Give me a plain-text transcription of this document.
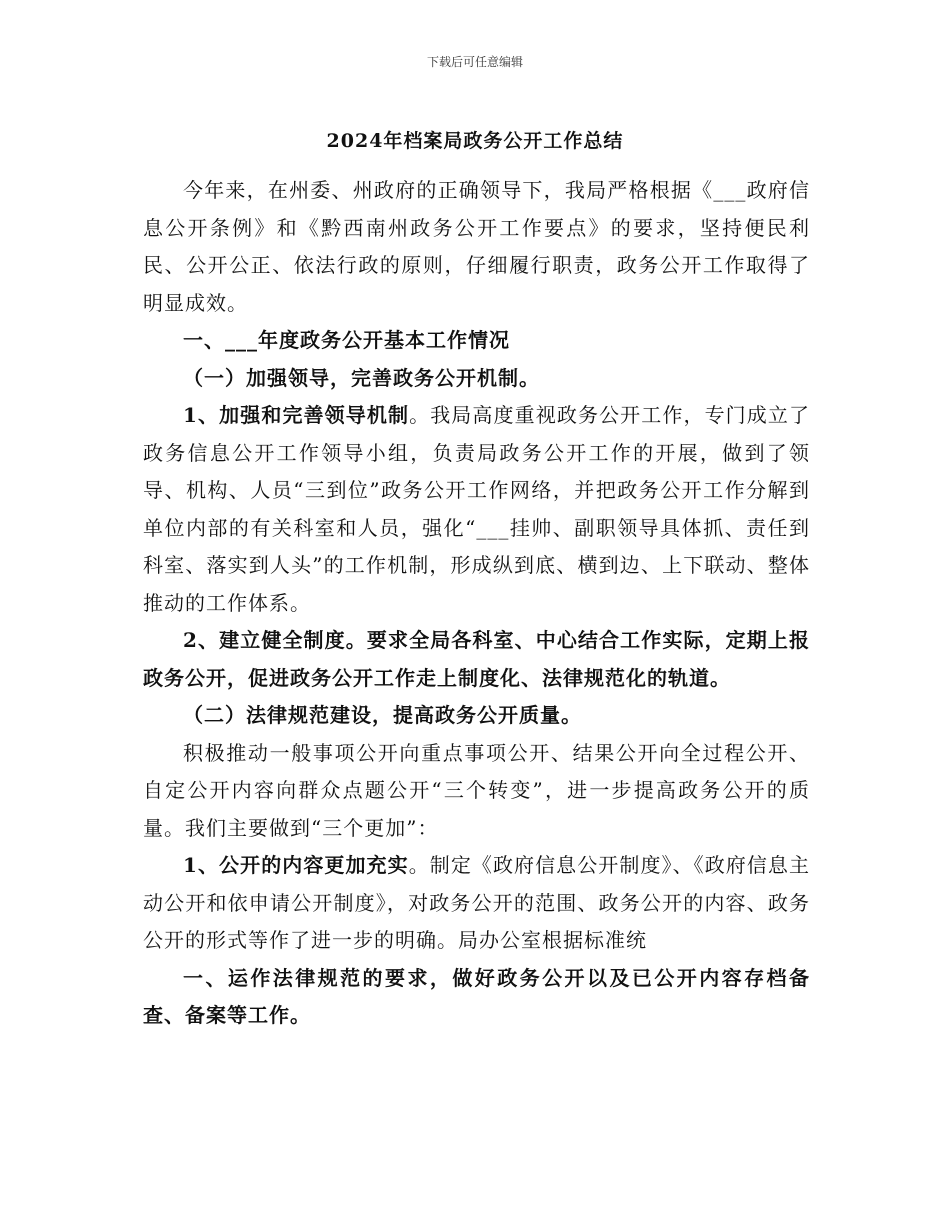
下载后可任意编辑
2024年档案局政务公开工作总结

今年来，在州委、州政府的正确领导下，我局严格根据《___政府信息公开条例》和《黔西南州政务公开工作要点》的要求，坚持便民利民、公开公正、依法行政的原则，仔细履行职责，政务公开工作取得了明显成效。

一、___年度政务公开基本工作情况

（一）加强领导，完善政务公开机制。

1、加强和完善领导机制。我局高度重视政务公开工作，专门成立了政务信息公开工作领导小组，负责局政务公开工作的开展，做到了领导、机构、人员“三到位”政务公开工作网络，并把政务公开工作分解到单位内部的有关科室和人员，强化“___挂帅、副职领导具体抓、责任到科室、落实到人头”的工作机制，形成纵到底、横到边、上下联动、整体推动的工作体系。

2、建立健全制度。要求全局各科室、中心结合工作实际，定期上报政务公开，促进政务公开工作走上制度化、法律规范化的轨道。

（二）法律规范建设，提高政务公开质量。

积极推动一般事项公开向重点事项公开、结果公开向全过程公开、自定公开内容向群众点题公开“三个转变”，进一步提高政务公开的质量。我们主要做到“三个更加”：

1、公开的内容更加充实。制定《政府信息公开制度》、《政府信息主动公开和依申请公开制度》，对政务公开的范围、政务公开的内容、政务公开的形式等作了进一步的明确。局办公室根据标准统

一、运作法律规范的要求，做好政务公开以及已公开内容存档备查、备案等工作。
